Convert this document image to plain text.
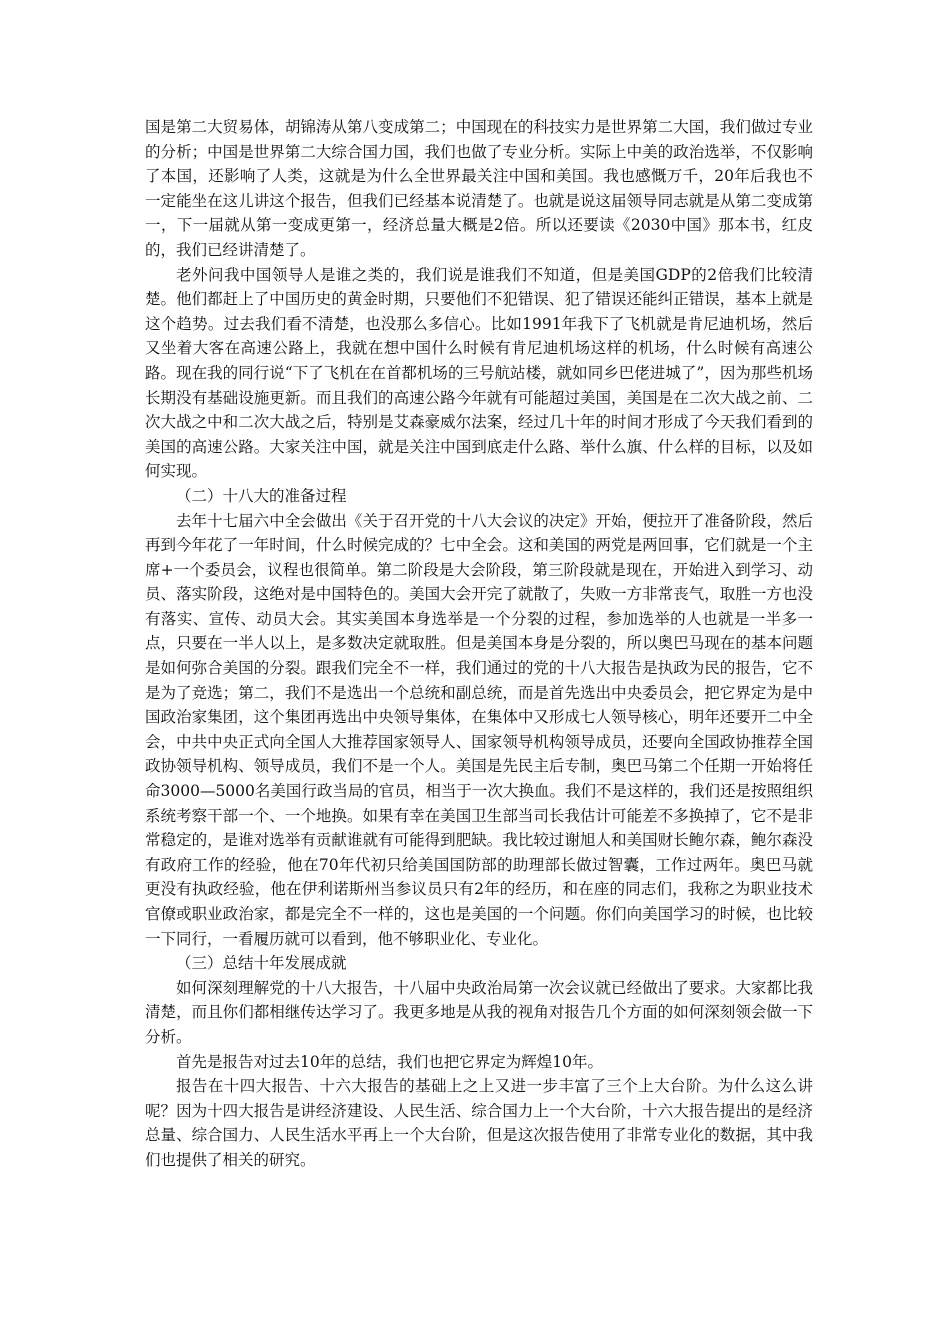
国是第二大贸易体，胡锦涛从第八变成第二；中国现在的科技实力是世界第二大国，我们做过专业的分析；中国是世界第二大综合国力国，我们也做了专业分析。实际上中美的政治选举，不仅影响了本国，还影响了人类，这就是为什么全世界最关注中国和美国。我也感慨万千，20年后我也不一定能坐在这儿讲这个报告，但我们已经基本说清楚了。也就是说这届领导同志就是从第二变成第一，下一届就从第一变成更第一，经济总量大概是2倍。所以还要读《2030中国》那本书，红皮的，我们已经讲清楚了。

老外问我中国领导人是谁之类的，我们说是谁我们不知道，但是美国GDP的2倍我们比较清楚。他们都赶上了中国历史的黄金时期，只要他们不犯错误、犯了错误还能纠正错误，基本上就是这个趋势。过去我们看不清楚，也没那么多信心。比如1991年我下了飞机就是肯尼迪机场，然后又坐着大客在高速公路上，我就在想中国什么时候有肯尼迪机场这样的机场，什么时候有高速公路。现在我的同行说“下了飞机在在首都机场的三号航站楼，就如同乡巴佬进城了”，因为那些机场长期没有基础设施更新。而且我们的高速公路今年就有可能超过美国，美国是在二次大战之前、二次大战之中和二次大战之后，特别是艾森豪威尔法案，经过几十年的时间才形成了今天我们看到的美国的高速公路。大家关注中国，就是关注中国到底走什么路、举什么旗、什么样的目标，以及如何实现。

（二）十八大的准备过程

去年十七届六中全会做出《关于召开党的十八大会议的决定》开始，便拉开了准备阶段，然后再到今年花了一年时间，什么时候完成的？七中全会。这和美国的两党是两回事，它们就是一个主席+一个委员会，议程也很简单。第二阶段是大会阶段，第三阶段就是现在，开始进入到学习、动员、落实阶段，这绝对是中国特色的。美国大会开完了就散了，失败一方非常丧气，取胜一方也没有落实、宣传、动员大会。其实美国本身选举是一个分裂的过程，参加选举的人也就是一半多一点，只要在一半人以上，是多数决定就取胜。但是美国本身是分裂的，所以奥巴马现在的基本问题是如何弥合美国的分裂。跟我们完全不一样，我们通过的党的十八大报告是执政为民的报告，它不是为了竞选；第二，我们不是选出一个总统和副总统，而是首先选出中央委员会，把它界定为是中国政治家集团，这个集团再选出中央领导集体，在集体中又形成七人领导核心，明年还要开二中全会，中共中央正式向全国人大推荐国家领导人、国家领导机构领导成员，还要向全国政协推荐全国政协领导机构、领导成员，我们不是一个人。美国是先民主后专制，奥巴马第二个任期一开始将任命3000—5000名美国行政当局的官员，相当于一次大换血。我们不是这样的，我们还是按照组织系统考察干部一个、一个地换。如果有幸在美国卫生部当司长我估计可能差不多换掉了，它不是非常稳定的，是谁对选举有贡献谁就有可能得到肥缺。我比较过谢旭人和美国财长鲍尔森，鲍尔森没有政府工作的经验，他在70年代初只给美国国防部的助理部长做过智囊，工作过两年。奥巴马就更没有执政经验，他在伊利诺斯州当参议员只有2年的经历，和在座的同志们，我称之为职业技术官僚或职业政治家，都是完全不一样的，这也是美国的一个问题。你们向美国学习的时候，也比较一下同行，一看履历就可以看到，他不够职业化、专业化。

（三）总结十年发展成就

如何深刻理解党的十八大报告，十八届中央政治局第一次会议就已经做出了要求。大家都比我清楚，而且你们都相继传达学习了。我更多地是从我的视角对报告几个方面的如何深刻领会做一下分析。

首先是报告对过去10年的总结，我们也把它界定为辉煌10年。

报告在十四大报告、十六大报告的基础上之上又进一步丰富了三个上大台阶。为什么这么讲呢？因为十四大报告是讲经济建设、人民生活、综合国力上一个大台阶，十六大报告提出的是经济总量、综合国力、人民生活水平再上一个大台阶，但是这次报告使用了非常专业化的数据，其中我们也提供了相关的研究。
